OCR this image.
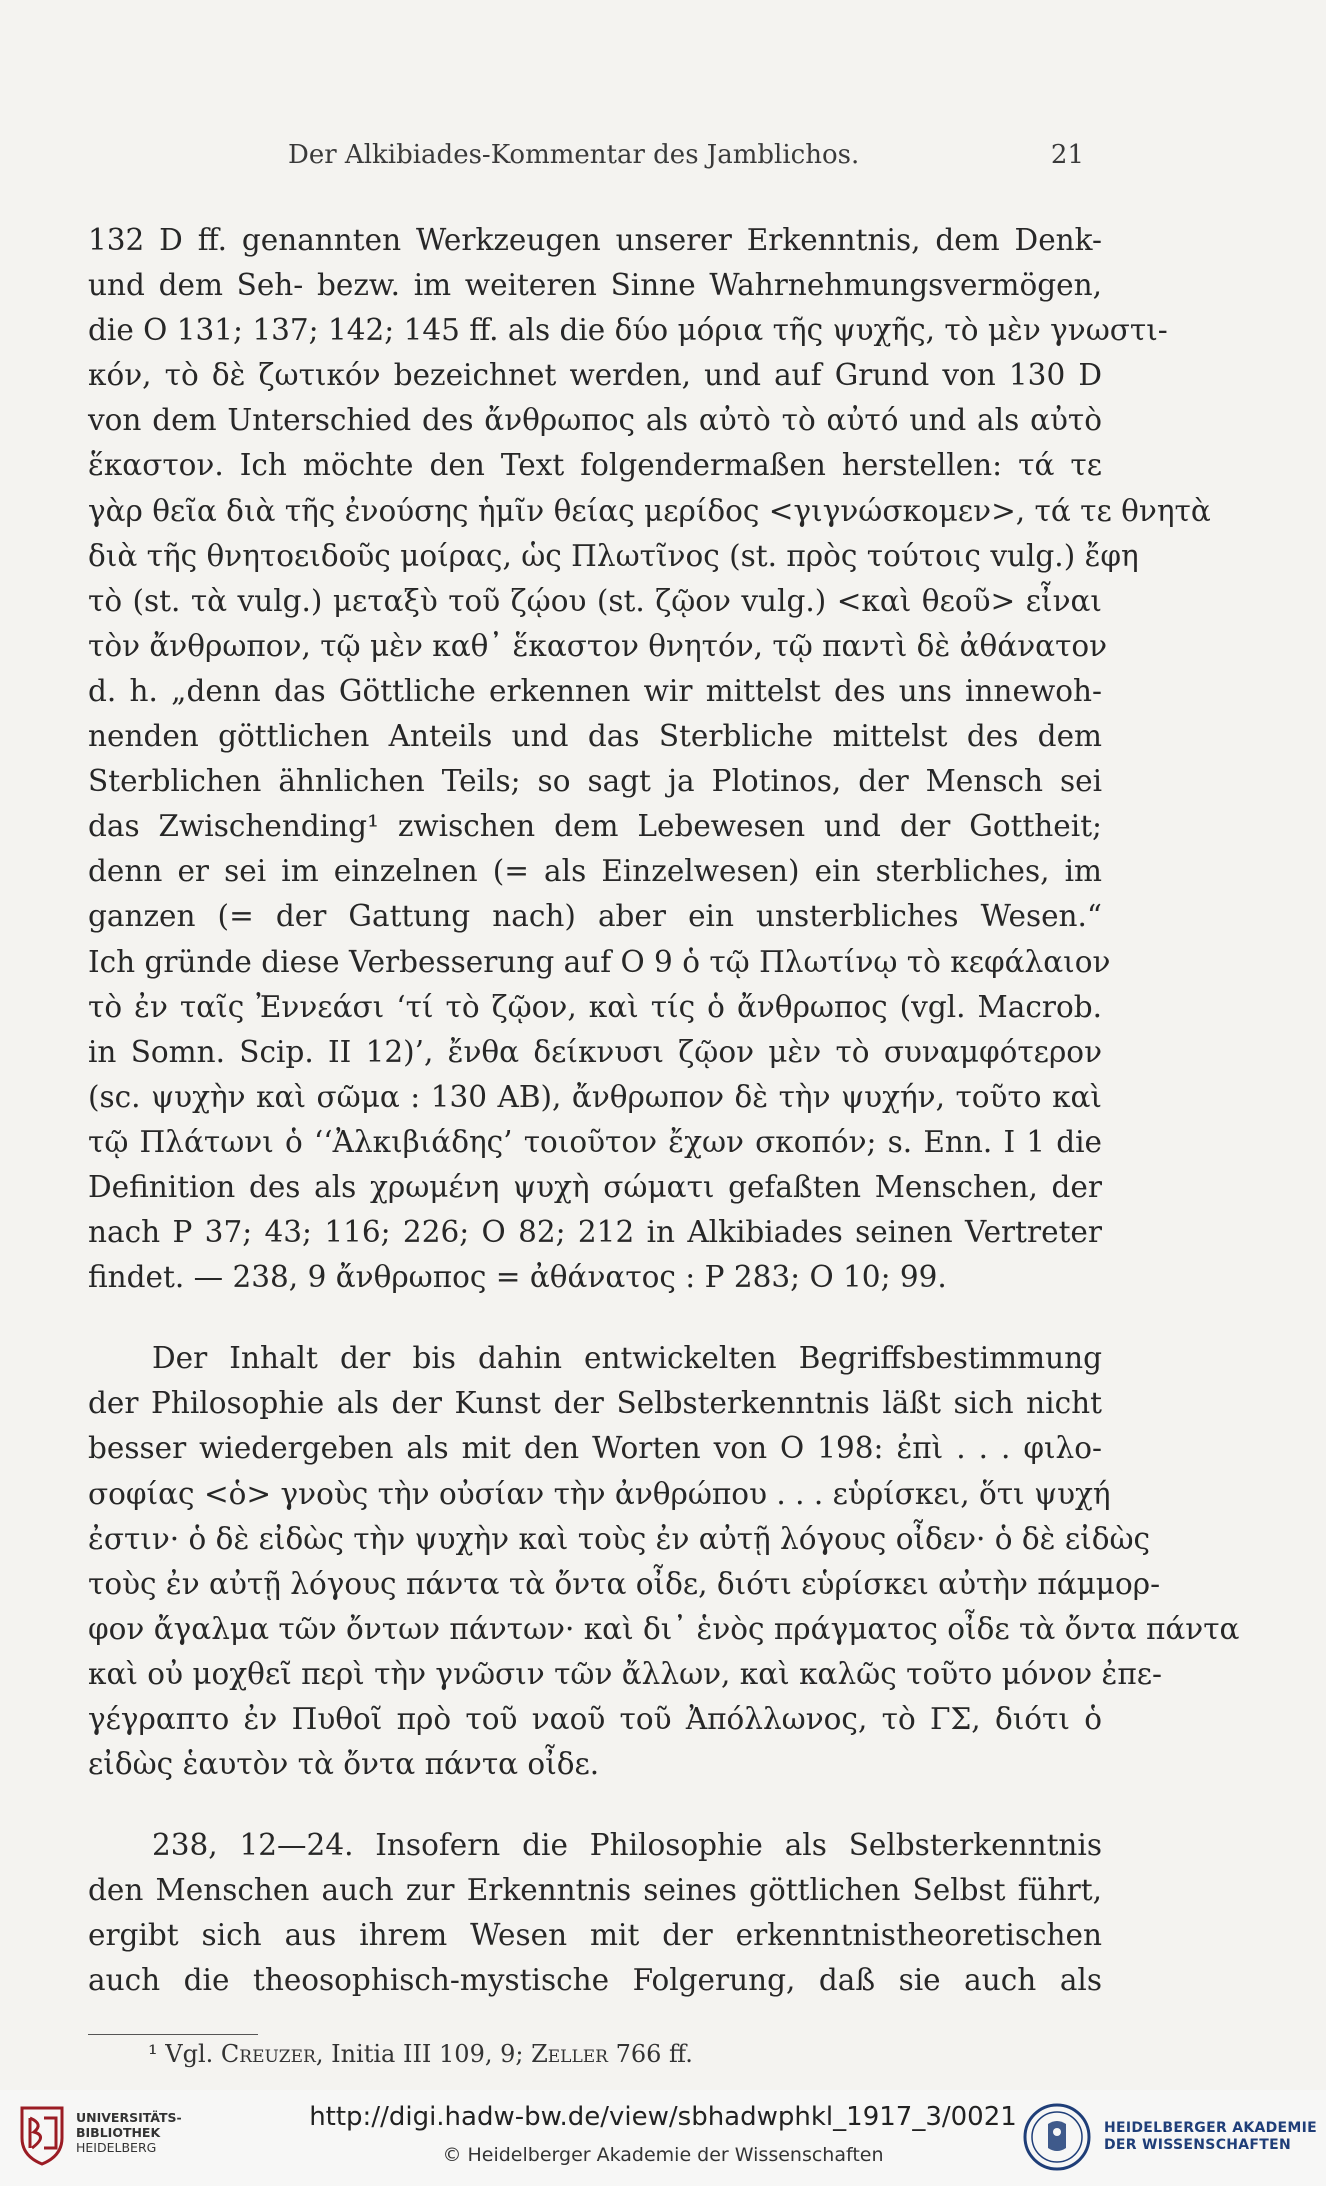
Der Alkibiades-Kommentar des Jamblichos.	21
132 D ff. genannten Werkzeugen unserer Erkenntnis, dem Denk-
und dem Seh- bezw. im weiteren Sinne Wahrnehmungsvermögen,
die O 131; 137; 142; 145 ff. als die δύο μόρια τῆς ψυχῆς, τὸ μὲν γνωστι-
κόν, τὸ δὲ ζωτικόν bezeichnet werden, und auf Grund von 130 D
von dem Unterschied des ἄνθρωπος als αὐτὸ τὸ αὐτό und als αὐτὸ
ἕκαστον. Ich möchte den Text folgendermaßen herstellen: τά τε
γὰρ θεῖα διὰ τῆς ἐνούσης ἡμῖν θείας μερίδος <γιγνώσκομεν>, τά τε θνητὰ
διὰ τῆς θνητοειδοῦς μοίρας, ὡς Πλωτῖνος (st. πρὸς τούτοις vulg.) ἔφη
τὸ (st. τὰ vulg.) μεταξὺ τοῦ ζῴου (st. ζῷον vulg.) <καὶ θεοῦ> εἶναι
τὸν ἄνθρωπον, τῷ μὲν καθ᾽ ἕκαστον θνητόν, τῷ παντὶ δὲ ἀθάνατον
d. h. „denn das Göttliche erkennen wir mittelst des uns innewoh-
nenden göttlichen Anteils und das Sterbliche mittelst des dem
Sterblichen ähnlichen Teils; so sagt ja Plotinos, der Mensch sei
das Zwischending¹ zwischen dem Lebewesen und der Gottheit;
denn er sei im einzelnen (= als Einzelwesen) ein sterbliches, im
ganzen (= der Gattung nach) aber ein unsterbliches Wesen.“
Ich gründe diese Verbesserung auf O 9 ὁ τῷ Πλωτίνῳ τὸ κεφάλαιον
τὸ ἐν ταῖς Ἐννεάσι ‘τί τὸ ζῷον, καὶ τίς ὁ ἄνθρωπος (vgl. Macrob.
in Somn. Scip. II 12)’, ἔνθα δείκνυσι ζῷον μὲν τὸ συναμφότερον
(sc. ψυχὴν καὶ σῶμα : 130 AB), ἄνθρωπον δὲ τὴν ψυχήν, τοῦτο καὶ
τῷ Πλάτωνι ὁ ‘‘Ἀλκιβιάδης’ τοιοῦτον ἔχων σκοπόν; s. Enn. I 1 die
Definition des als χρωμένη ψυχὴ σώματι gefaßten Menschen, der
nach P 37; 43; 116; 226; O 82; 212 in Alkibiades seinen Vertreter
findet. — 238, 9 ἄνθρωπος = ἀθάνατος : P 283; O 10; 99.
Der Inhalt der bis dahin entwickelten Begriffsbestimmung
der Philosophie als der Kunst der Selbsterkenntnis läßt sich nicht
besser wiedergeben als mit den Worten von O 198: ἐπὶ . . . φιλο-
σοφίας <ὁ> γνοὺς τὴν οὐσίαν τὴν ἀνθρώπου . . . εὑρίσκει, ὅτι ψυχή
ἐστιν· ὁ δὲ εἰδὼς τὴν ψυχὴν καὶ τοὺς ἐν αὐτῇ λόγους οἶδεν· ὁ δὲ εἰδὼς
τοὺς ἐν αὐτῇ λόγους πάντα τὰ ὄντα οἶδε, διότι εὑρίσκει αὐτὴν πάμμορ-
φον ἄγαλμα τῶν ὄντων πάντων· καὶ δι᾽ ἑνὸς πράγματος οἶδε τὰ ὄντα πάντα
καὶ οὐ μοχθεῖ περὶ τὴν γνῶσιν τῶν ἄλλων, καὶ καλῶς τοῦτο μόνον ἐπε-
γέγραπτο ἐν Πυθοῖ πρὸ τοῦ ναοῦ τοῦ Ἀπόλλωνος, τὸ ΓΣ, διότι ὁ
εἰδὼς ἑαυτὸν τὰ ὄντα πάντα οἶδε.
238, 12—24. Insofern die Philosophie als Selbsterkenntnis
den Menschen auch zur Erkenntnis seines göttlichen Selbst führt,
ergibt sich aus ihrem Wesen mit der erkenntnistheoretischen
auch die theosophisch-mystische Folgerung, daß sie auch als
¹ Vgl. Creuzer, Initia III 109, 9; Zeller 766 ff.
UNIVERSITÄTS-
BIBLIOTHEK
HEIDELBERG
http://digi.hadw-bw.de/view/sbhadwphkl_1917_3/0021
© Heidelberger Akademie der Wissenschaften
HEIDELBERGER AKADEMIE
DER WISSENSCHAFTEN
